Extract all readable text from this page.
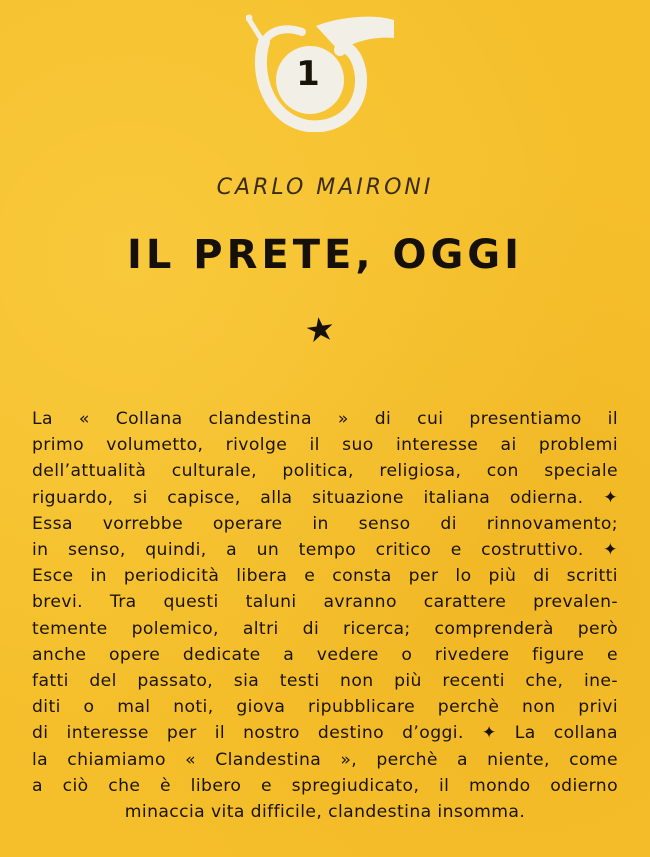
1
CARLO MAIRONI
IL PRETE, OGGI
La « Collana clandestina » di cui presentiamo il
primo volumetto, rivolge il suo interesse ai problemi
dell’attualità culturale, politica, religiosa, con speciale
riguardo, si capisce, alla situazione italiana odierna. ✦
Essa vorrebbe operare in senso di rinnovamento;
in senso, quindi, a un tempo critico e costruttivo. ✦
Esce in periodicità libera e consta per lo più di scritti
brevi. Tra questi taluni avranno carattere prevalen-
temente polemico, altri di ricerca; comprenderà però
anche opere dedicate a vedere o rivedere figure e
fatti del passato, sia testi non più recenti che, ine-
diti o mal noti, giova ripubblicare perchè non privi
di interesse per il nostro destino d’oggi. ✦ La collana
la chiamiamo « Clandestina », perchè a niente, come
a ciò che è libero e spregiudicato, il mondo odierno
minaccia vita difficile, clandestina insomma.
